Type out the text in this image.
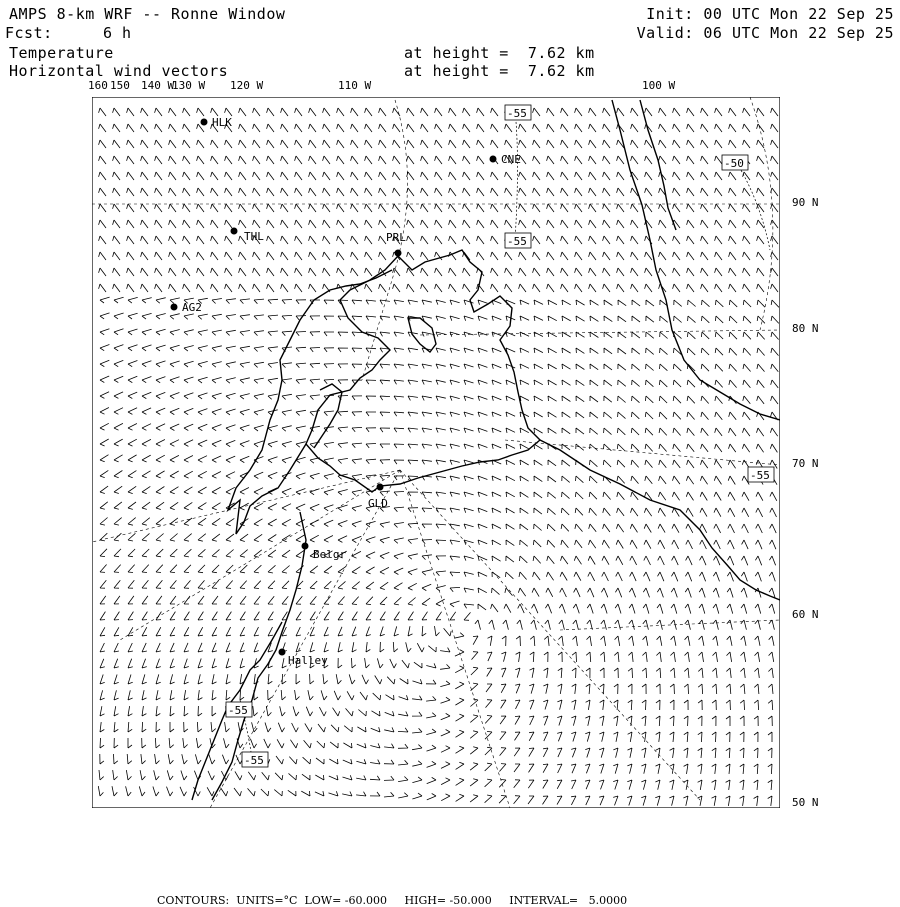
AMPS 8-km WRF -- Ronne Window
Fcst:	6 h
Temperature
Horizontal wind vectors
at height =  7.62 km
at height =  7.62 km
Init: 00 UTC Mon 22 Sep 25
Valid: 06 UTC Mon 22 Sep 25
160 150 140 W
130 W 120 W	110 W	100 W
90 N
80 N
70 N
60 N
50 N
HLK
THL
AG2
PRL
CNE
GLD
Belgr
Halley
-55
-55
-50
-55
-55
-55

CONTOURS: UNITS=°C LOW= -60.000 HIGH= -50.000 INTERVAL=   5.0000
